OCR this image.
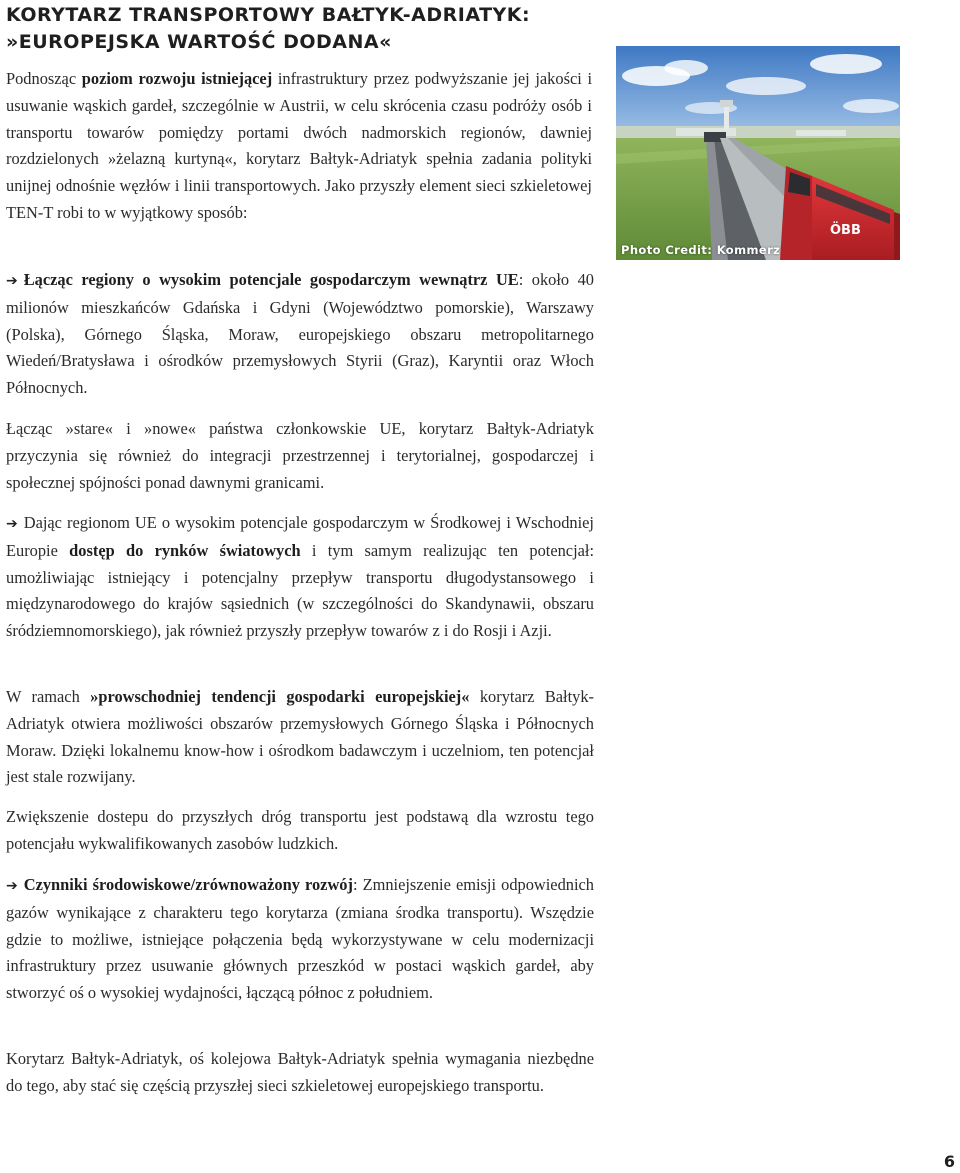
KORYTARZ TRANSPORTOWY BAŁTYK-ADRIATYK:
»EUROPEJSKA WARTOŚĆ DODANA«

Podnosząc poziom rozwoju istniejącej infrastruktury przez podwyższanie jej jakości i usuwanie wąskich gardeł, szczególnie w Austrii, w celu skrócenia czasu podróży osób i transportu towarów pomiędzy portami dwóch nadmorskich regionów, dawniej rozdzielonych »żelazną kurtyną«, korytarz Bałtyk-Adriatyk spełnia zadania polityki unijnej odnośnie węzłów i linii transportowych. Jako przyszły element sieci szkieletowej TEN-T robi to w wyjątkowy sposób:

ÖBB
Photo Credit: Kommerz

➔ Łącząc regiony o wysokim potencjale gospodarczym wewnątrz UE: około 40 milionów mieszkańców Gdańska i Gdyni (Województwo pomorskie), Warszawy (Polska), Górnego Śląska, Moraw, europejskiego obszaru metropolitarnego Wiedeń/Bratysława i ośrodków przemysłowych Styrii (Graz), Karyntii oraz Włoch Północnych.

Łącząc »stare« i »nowe« państwa członkowskie UE, korytarz Bałtyk-Adriatyk przyczynia się również do integracji przestrzennej i terytorialnej, gospodarczej i społecznej spójności ponad dawnymi granicami.

➔ Dając regionom UE o wysokim potencjale gospodarczym w Środkowej i Wschodniej Europie dostęp do rynków światowych i tym samym realizując ten potencjał: umożliwiając istniejący i potencjalny przepływ transportu długodystansowego i międzynarodowego do krajów sąsiednich (w szczególności do Skandynawii, obszaru śródziemnomorskiego), jak również przyszły przepływ towarów z i do Rosji i Azji.

W ramach »prowschodniej tendencji gospodarki europejskiej« korytarz Bałtyk-Adriatyk otwiera możliwości obszarów przemysłowych Górnego Śląska i Północnych Moraw. Dzięki lokalnemu know-how i ośrodkom badawczym i uczelniom, ten potencjał jest stale rozwijany.

Zwiększenie dostepu do przyszłych dróg transportu jest podstawą dla wzrostu tego potencjału wykwalifikowanych zasobów ludzkich.

➔ Czynniki środowiskowe/zrównoważony rozwój: Zmniejszenie emisji odpowiednich gazów wynikające z charakteru tego korytarza (zmiana środka transportu). Wszędzie gdzie to możliwe, istniejące połączenia będą wykorzystywane w celu modernizacji infrastruktury przez usuwanie głównych przeszkód w postaci wąskich gardeł, aby stworzyć oś o wysokiej wydajności, łączącą północ z południem.

Korytarz Bałtyk-Adriatyk, oś kolejowa Bałtyk-Adriatyk spełnia wymagania niezbędne do tego, aby stać się częścią przyszłej sieci szkieletowej europejskiego transportu.

6
